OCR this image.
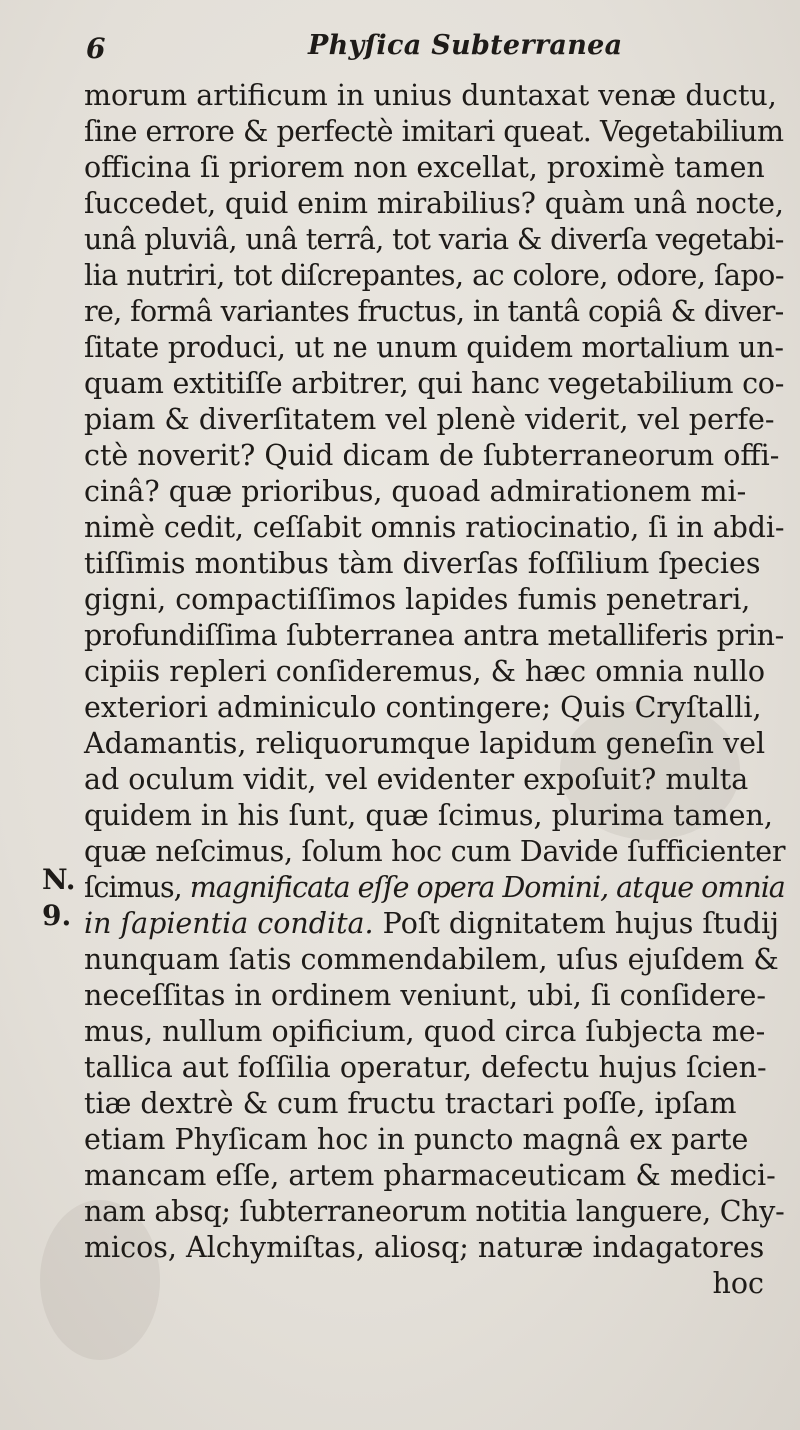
6	Phyſica Subterranea
N.
9.
morum artificum in unius duntaxat venæ ductu,
ſine errore & perfectè imitari queat. Vegetabilium
officina ſi priorem non excellat, proximè tamen
ſuccedet, quid enim mirabilius? quàm unâ nocte,
unâ pluviâ, unâ terrâ, tot varia & diverſa vegetabi-
lia nutriri, tot diſcrepantes, ac colore, odore, ſapo-
re, formâ variantes fructus, in tantâ copiâ & diver-
ſitate produci, ut ne unum quidem mortalium un-
quam extitiſſe arbitrer, qui hanc vegetabilium co-
piam & diverſitatem vel plenè viderit, vel perfe-
ctè noverit? Quid dicam de ſubterraneorum offi-
cinâ? quæ prioribus, quoad admirationem mi-
nimè cedit, ceſſabit omnis ratiocinatio, ſi in abdi-
tiſſimis montibus tàm diverſas foſſilium ſpecies
gigni, compactiſſimos lapides fumis penetrari,
profundiſſima ſubterranea antra metalliferis prin-
cipiis repleri conſideremus, & hæc omnia nullo
exteriori adminiculo contingere; Quis Cryſtalli,
Adamantis, reliquorumque lapidum geneſin vel
ad oculum vidit, vel evidenter expoſuit? multa
quidem in his ſunt, quæ ſcimus, plurima tamen,
quæ neſcimus, ſolum hoc cum Davide ſufficienter
ſcimus, magnificata eſſe opera Domini, atque omnia
in ſapientia condita. Poſt dignitatem hujus ſtudij
nunquam ſatis commendabilem, uſus ejuſdem &
neceſſitas in ordinem veniunt, ubi, ſi conſidere-
mus, nullum opificium, quod circa ſubjecta me-
tallica aut foſſilia operatur, defectu hujus ſcien-
tiæ dextrè & cum fructu tractari poſſe, ipſam
etiam Phyſicam hoc in puncto magnâ ex parte
mancam eſſe, artem pharmaceuticam & medici-
nam absq; ſubterraneorum notitia languere, Chy-
micos, Alchymiſtas, aliosq; naturæ indagatores
hoc
